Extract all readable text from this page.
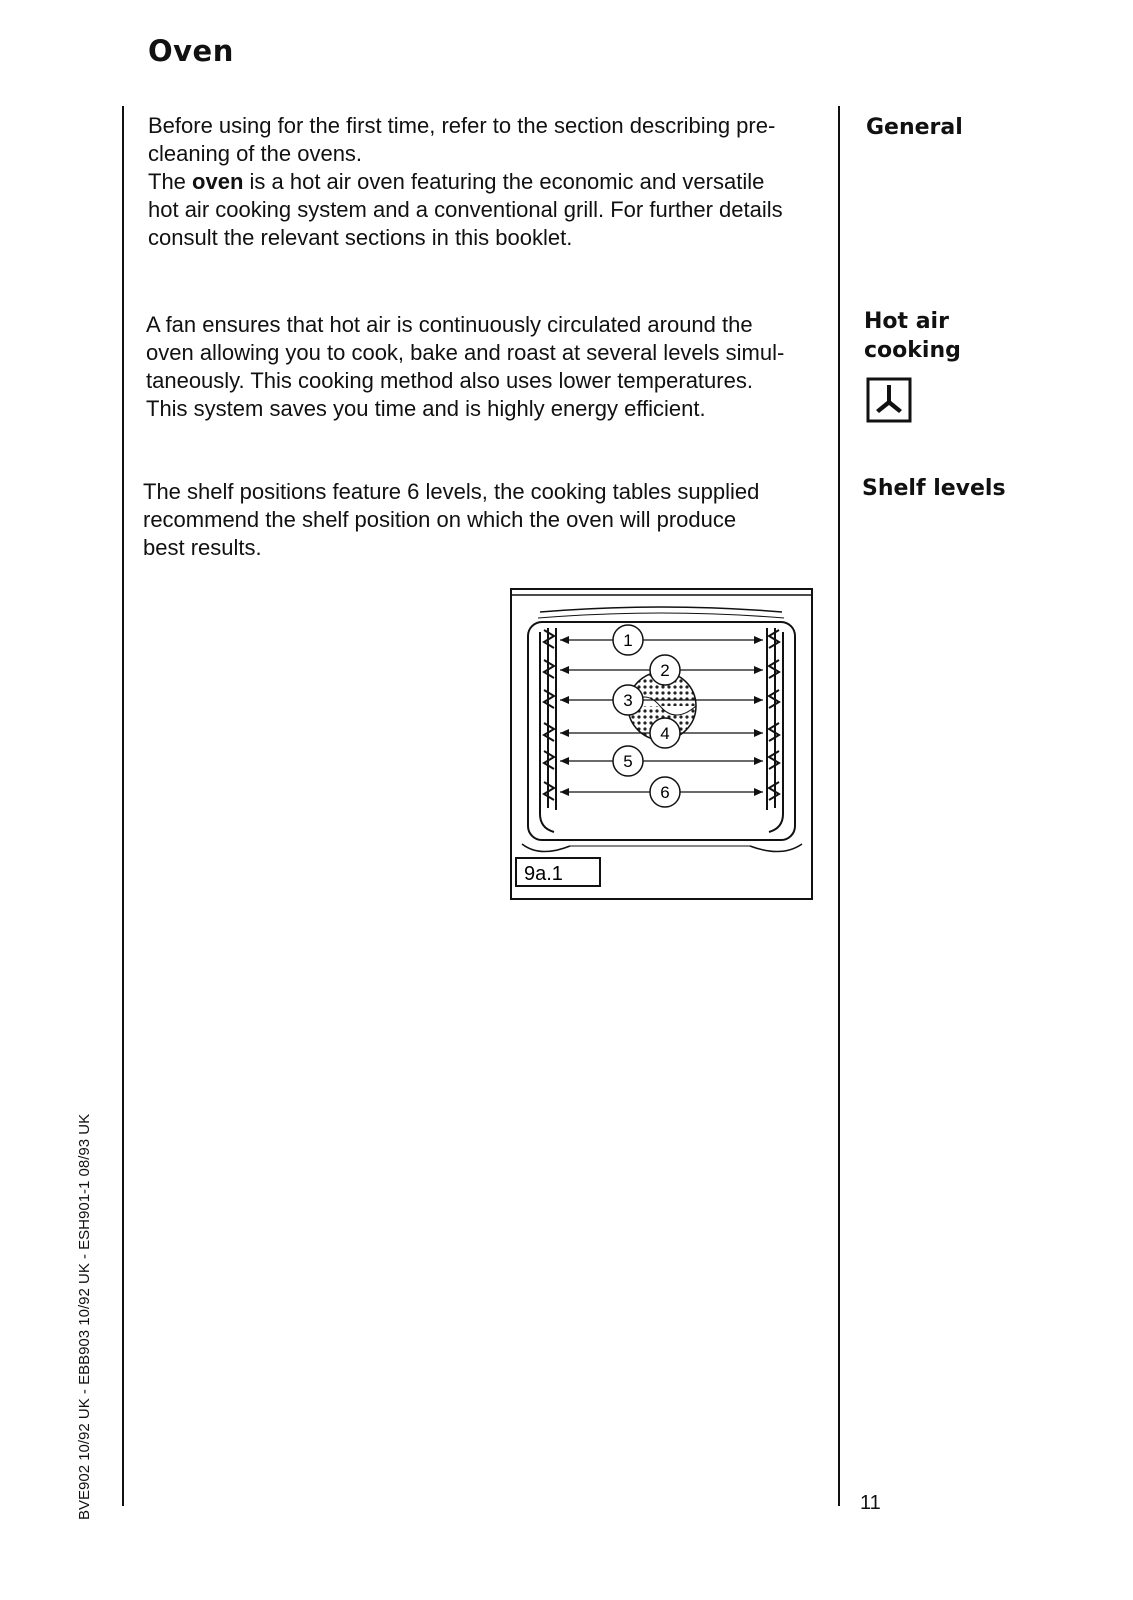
Oven

Before using for the first time, refer to the section describing pre-
cleaning of the ovens.
The oven is a hot air oven featuring the economic and versatile
hot air cooking system and a conventional grill. For further details
consult the relevant sections in this booklet.

General

A fan ensures that hot air is continuously circulated around the
oven allowing you to cook, bake and roast at several levels simul-
taneously. This cooking method also uses lower temperatures.
This system saves you time and is highly energy efficient.

Hot air
cooking

The shelf positions feature 6 levels, the cooking tables supplied
recommend the shelf position on which the oven will produce
best results.

Shelf levels
1
2
3
4
5
6
9a.1
BVE902 10/92 UK - EBB903 10/92 UK - ESH901-1 08/93 UK	11
